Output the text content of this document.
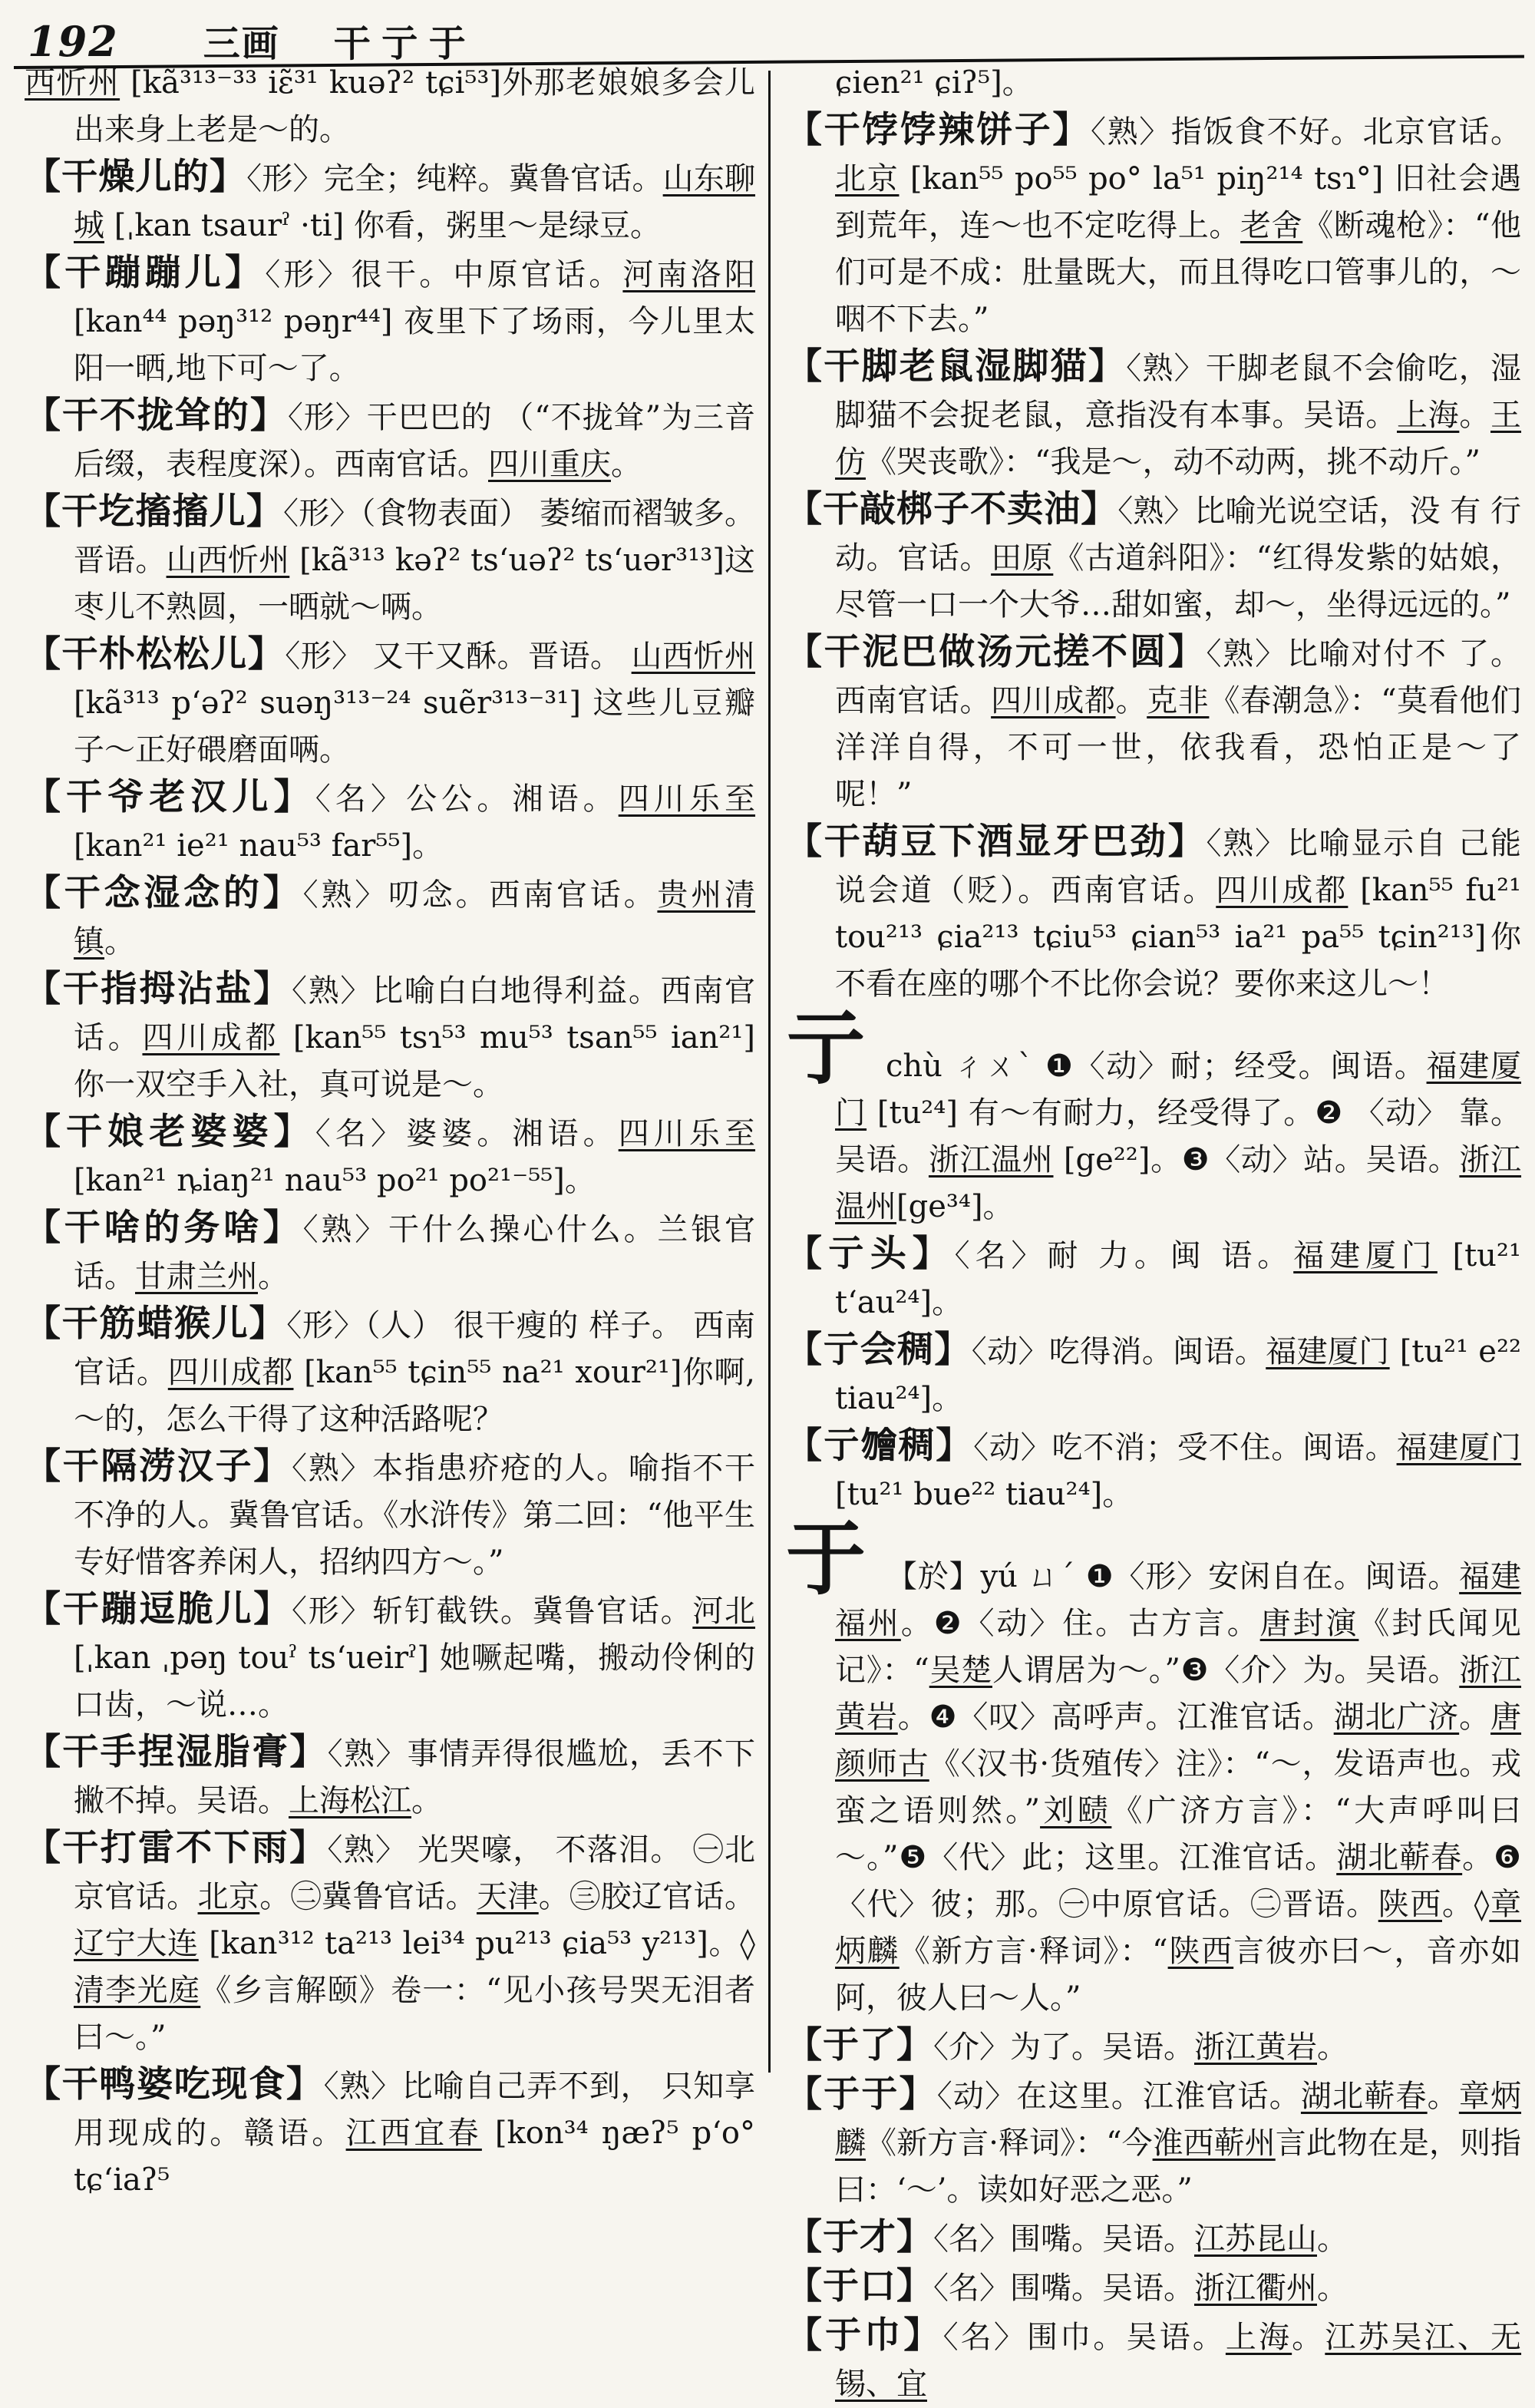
192 三画 干亍于

西忻州 [kã³¹³⁻³³ iɛ̃³¹ kuəʔ² tɕi⁵³]外那老娘娘多会儿出来身上老是～的。

【干燥儿的】〈形〉完全；纯粹。冀鲁官话。山东聊城 [ˌkan tsaurˀ ·ti] 你看，粥里～是绿豆。

【干蹦蹦儿】〈形〉很干。中原官话。河南洛阳[kan⁴⁴ pəŋ³¹² pəŋr⁴⁴] 夜里下了场雨，今儿里太阳一晒,地下可～了。

【干不拢耸的】〈形〉干巴巴的 （“不拢耸”为三音后缀，表程度深）。西南官话。四川重庆。

【干圪搐搐儿】〈形〉（食物表面） 萎缩而褶皱多。晋语。山西忻州 [kã³¹³ kəʔ² ts‘uəʔ² ts‘uər³¹³]这枣儿不熟圆，一晒就～唡。

【干朴松松儿】〈形〉 又干又酥。晋语。 山西忻州 [kã³¹³ p‘əʔ² suəŋ³¹³⁻²⁴ suẽr³¹³⁻³¹] 这些儿豆瓣子～正好碨磨面唡。

【干爷老汉儿】〈名〉公公。湘语。四川乐至 [kan²¹ ie²¹ nau⁵³ far⁵⁵]。

【干念湿念的】〈熟〉叨念。西南官话。贵州清镇。

【干指拇沾盐】〈熟〉比喻白白地得利益。西南官话。四川成都 [kan⁵⁵ tsɿ⁵³ mu⁵³ tsan⁵⁵ ian²¹] 你一双空手入社，真可说是～。

【干娘老婆婆】〈名〉婆婆。湘语。四川乐至 [kan²¹ ȵiaŋ²¹ nau⁵³ po²¹ po²¹⁻⁵⁵]。

【干啥的务啥】〈熟〉干什么操心什么。兰银官话。甘肃兰州。

【干筋蜡猴儿】〈形〉（人） 很干瘦的 样子。 西南官话。四川成都 [kan⁵⁵ tɕin⁵⁵ na²¹ xour²¹]你啊,～的，怎么干得了这种活路呢？

【干隔涝汉子】〈熟〉本指患疥疮的人。喻指不干不净的人。冀鲁官话。《水浒传》第二回：“他平生专好惜客养闲人，招纳四方～。”

【干蹦逗脆儿】〈形〉斩钉截铁。冀鲁官话。河北 [ˌkan ˌpəŋ touˀ ts‘ueirˀ] 她噘起嘴，搬动伶俐的口齿，～说…。

【干手捏湿脂膏】〈熟〉事情弄得很尴尬，丢不下撇不掉。吴语。上海松江。

【干打雷不下雨】〈熟〉 光哭嚎， 不落泪。 ㊀北京官话。北京。㊁冀鲁官话。天津。㊂胶辽官话。辽宁大连 [kan³¹² ta²¹³ lei³⁴ pu²¹³ ɕia⁵³ y²¹³]。◊清李光庭《乡言解颐》卷一：“见小孩号哭无泪者曰～。”

【干鸭婆吃现食】〈熟〉比喻自己弄不到， 只知享用现成的。赣语。江西宜春 [kon³⁴ ŋæʔ⁵ p‘o° tɕ‘iaʔ⁵

ɕien²¹ ɕiʔ⁵]。

【干饽饽辣饼子】〈熟〉指饭食不好。北京官话。北京 [kan⁵⁵ po⁵⁵ po° la⁵¹ piŋ²¹⁴ tsɿ°] 旧社会遇到荒年，连～也不定吃得上。老舍《断魂枪》：“他们可是不成：肚量既大，而且得吃口管事儿的，～咽不下去。”

【干脚老鼠湿脚猫】〈熟〉干脚老鼠不会偷吃，湿脚猫不会捉老鼠，意指没有本事。吴语。上海。王仿《哭丧歌》：“我是～，动不动两，挑不动斤。”

【干敲梆子不卖油】〈熟〉比喻光说空话，没 有 行动。官话。田原《古道斜阳》：“红得发紫的姑娘，尽管一口一个大爷…甜如蜜，却～，坐得远远的。”

【干泥巴做汤元搓不圆】〈熟〉比喻对付不 了。西南官话。四川成都。克非《春潮急》：“莫看他们洋洋自得，不可一世，依我看，恐怕正是～了呢！”

【干葫豆下酒显牙巴劲】〈熟〉比喻显示自 己能说会道（贬）。西南官话。四川成都 [kan⁵⁵ fu²¹ tou²¹³ ɕia²¹³ tɕiu⁵³ ɕian⁵³ ia²¹ pa⁵⁵ tɕin²¹³]你不看在座的哪个不比你会说？要你来这儿～！

亍chù ㄔㄨˋ ❶〈动〉耐；经受。闽语。福建厦门 [tu²⁴] 有～有耐力，经受得了。❷ 〈动〉 靠。吴语。浙江温州 [ge²²]。❸〈动〉站。吴语。浙江温州[ge³⁴]。

【亍头】〈名〉耐 力。闽 语。福建厦门 [tu²¹ t‘au²⁴]。

【亍会稠】〈动〉吃得消。闽语。福建厦门 [tu²¹ e²² tiau²⁴]。

【亍𣍐稠】〈动〉吃不消；受不住。闽语。福建厦门 [tu²¹ bue²² tiau²⁴]。

于 【於】yú ㄩˊ ❶〈形〉安闲自在。闽语。福建福州。❷〈动〉住。古方言。唐封演《封氏闻见记》：“吴楚人谓居为～。”❸〈介〉为。吴语。浙江黄岩。❹〈叹〉高呼声。江淮官话。湖北广济。唐颜师古《〈汉书·货殖传〉注》：“～，发语声也。戎蛮之语则然。”刘赜《广济方言》：“大声呼叫曰～。”❺〈代〉此；这里。江淮官话。湖北蕲春。❻〈代〉彼；那。㊀中原官话。㊁晋语。陕西。◊章炳麟《新方言·释词》：“陕西言彼亦曰～，音亦如阿，彼人曰～人。”

【于了】〈介〉为了。吴语。浙江黄岩。

【于于】〈动〉在这里。江淮官话。湖北蕲春。章炳麟《新方言·释词》：“今淮西蕲州言此物在是，则指曰：‘～’。读如好恶之恶。”

【于才】〈名〉围嘴。吴语。江苏昆山。

【于口】〈名〉围嘴。吴语。浙江衢州。

【于巾】〈名〉围巾。吴语。上海。江苏吴江、无锡、宜
